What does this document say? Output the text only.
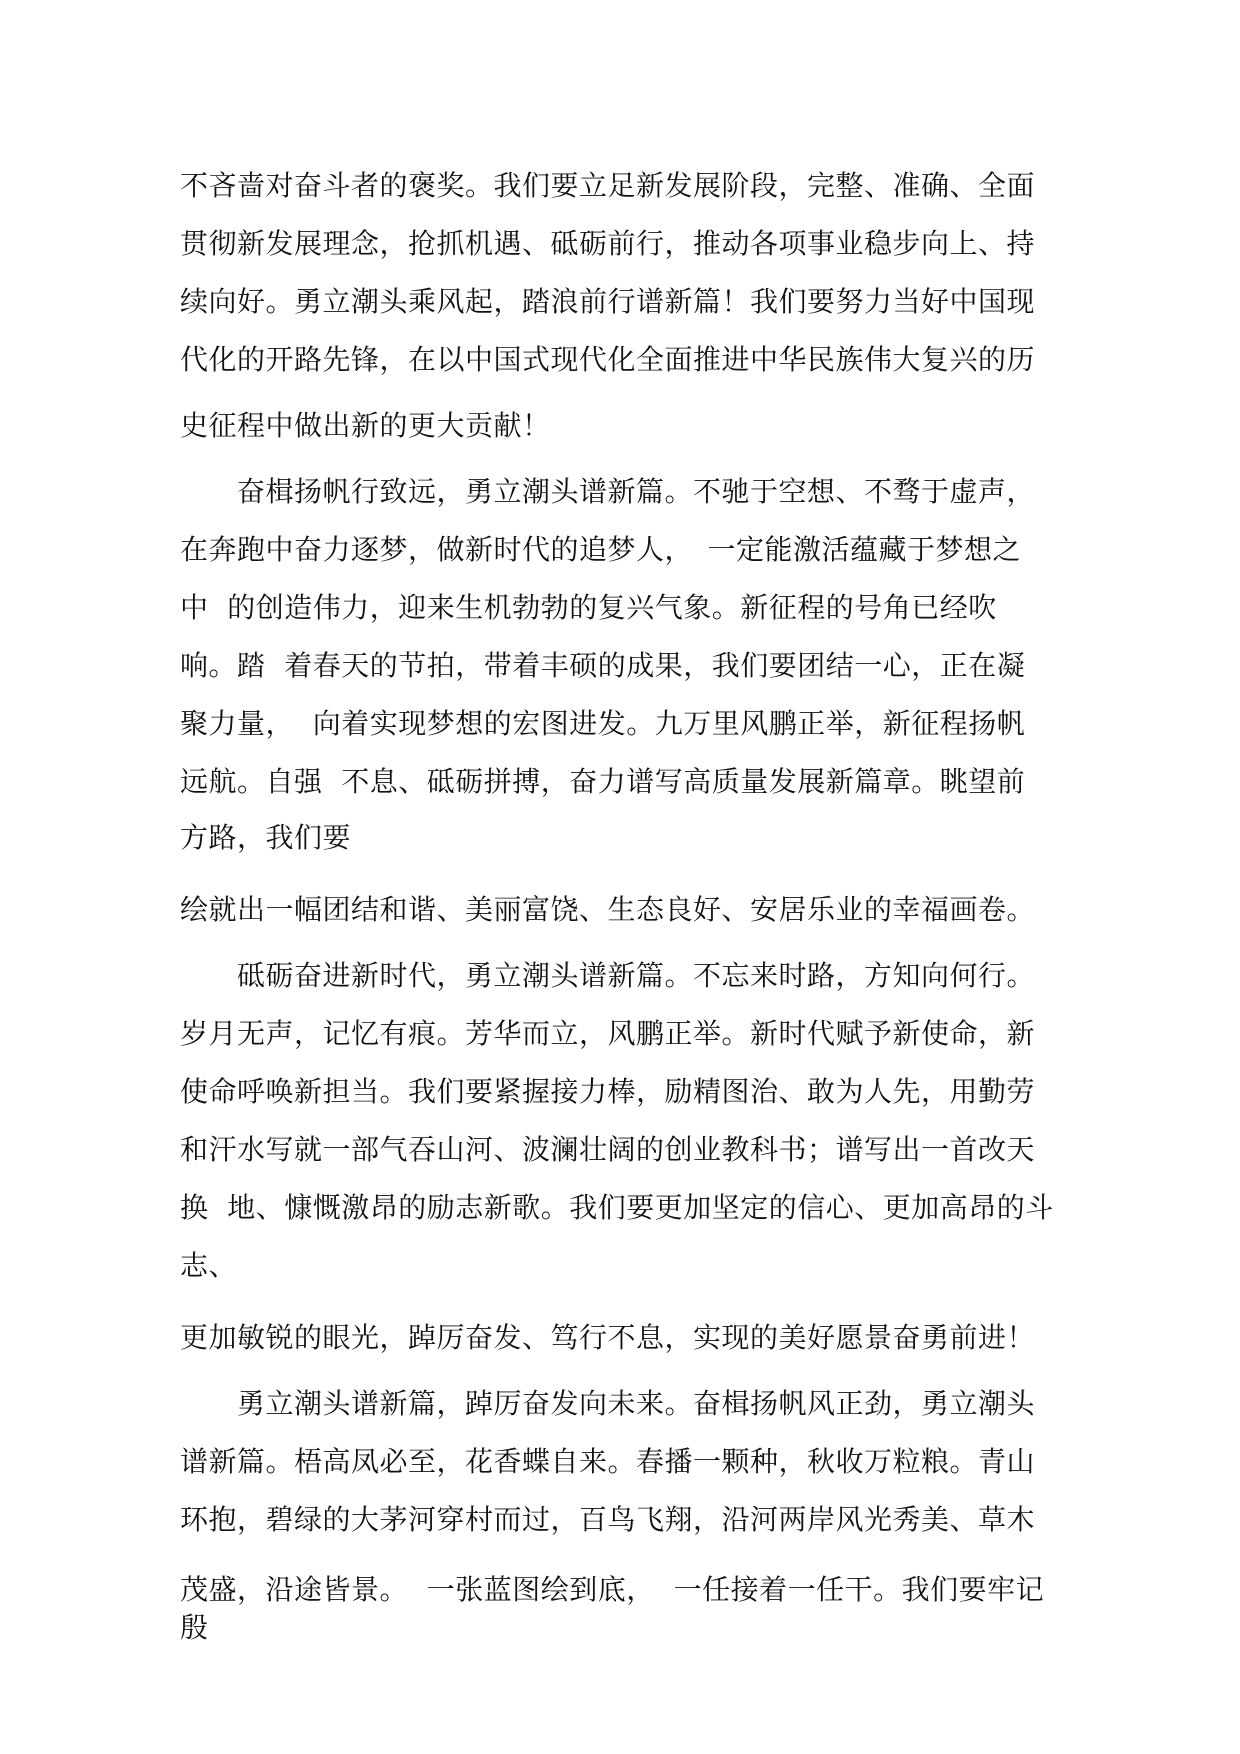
不吝啬对奋斗者的褒奖。我们要立足新发展阶段，完整、准确、全面
贯彻新发展理念，抢抓机遇、砥砺前行，推动各项事业稳步向上、持
续向好。勇立潮头乘风起，踏浪前行谱新篇！我们要努力当好中国现
代化的开路先锋，在以中国式现代化全面推进中华民族伟大复兴的历
史征程中做出新的更大贡献！
　　奋楫扬帆行致远，勇立潮头谱新篇。不驰于空想、不骛于虚声，
在奔跑中奋力逐梦，做新时代的追梦人，　一定能激活蕴藏于梦想之
中  的创造伟力，迎来生机勃勃的复兴气象。新征程的号角已经吹
响。踏  着春天的节拍，带着丰硕的成果，我们要团结一心，正在凝
聚力量，  向着实现梦想的宏图进发。九万里风鹏正举，新征程扬帆
远航。自强  不息、砥砺拼搏，奋力谱写高质量发展新篇章。眺望前
方路，我们要
绘就出一幅团结和谐、美丽富饶、生态良好、安居乐业的幸福画卷。
　　砥砺奋进新时代，勇立潮头谱新篇。不忘来时路，方知向何行。
岁月无声，记忆有痕。芳华而立，风鹏正举。新时代赋予新使命，新
使命呼唤新担当。我们要紧握接力棒，励精图治、敢为人先，用勤劳
和汗水写就一部气吞山河、波澜壮阔的创业教科书；谱写出一首改天
换  地、慷慨激昂的励志新歌。我们要更加坚定的信心、更加高昂的斗
志、
更加敏锐的眼光，踔厉奋发、笃行不息，实现的美好愿景奋勇前进！
　　勇立潮头谱新篇，踔厉奋发向未来。奋楫扬帆风正劲，勇立潮头
谱新篇。梧高凤必至，花香蝶自来。春播一颗种，秋收万粒粮。青山
环抱，碧绿的大茅河穿村而过，百鸟飞翔，沿河两岸风光秀美、草木
茂盛，沿途皆景。  一张蓝图绘到底，  一任接着一任干。我们要牢记
殷
